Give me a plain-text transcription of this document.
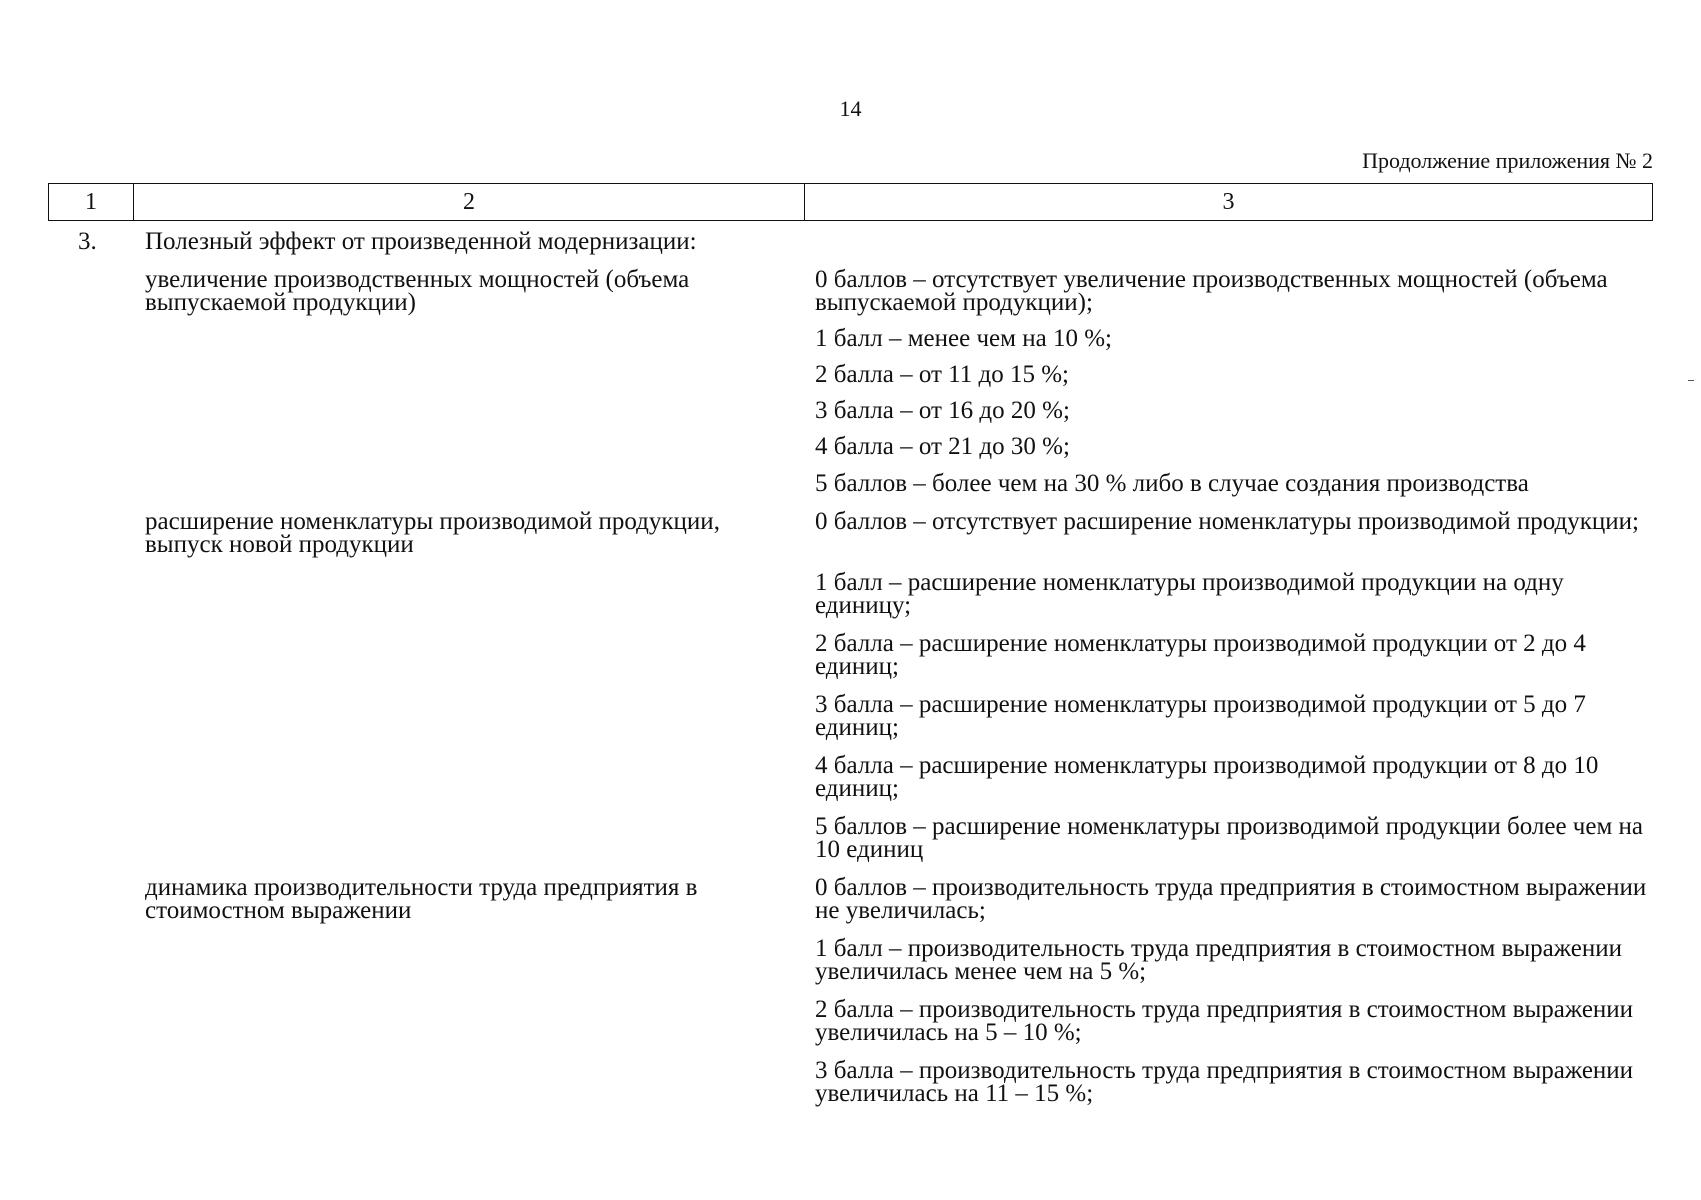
14
Продолжение приложения № 2
1	2	3
3. Полезный эффект от произведенной модернизации:
увеличение производственных мощностей (объема выпускаемой продукции)
0 баллов – отсутствует увеличение производственных мощностей (объема выпускаемой продукции);
1 балл – менее чем на 10 %;
2 балла – от 11 до 15 %;
3 балла – от 16 до 20 %;
4 балла – от 21 до 30 %;
5 баллов – более чем на 30 % либо в случае создания производства
расширение номенклатуры производимой продукции, выпуск новой продукции
0 баллов – отсутствует расширение номенклатуры производимой продукции;
1 балл – расширение номенклатуры производимой продукции на одну единицу;
2 балла – расширение номенклатуры производимой продукции от 2 до 4 единиц;
3 балла – расширение номенклатуры производимой продукции от 5 до 7 единиц;
4 балла – расширение номенклатуры производимой продукции от 8 до 10 единиц;
5 баллов – расширение номенклатуры производимой продукции более чем на 10 единиц
динамика производительности труда предприятия в стоимостном выражении
0 баллов – производительность труда предприятия в стоимостном выражении не увеличилась;
1 балл – производительность труда предприятия в стоимостном выражении увеличилась менее чем на 5 %;
2 балла – производительность труда предприятия в стоимостном выражении увеличилась на 5 – 10 %;
3 балла – производительность труда предприятия в стоимостном выражении увеличилась на 11 – 15 %;
